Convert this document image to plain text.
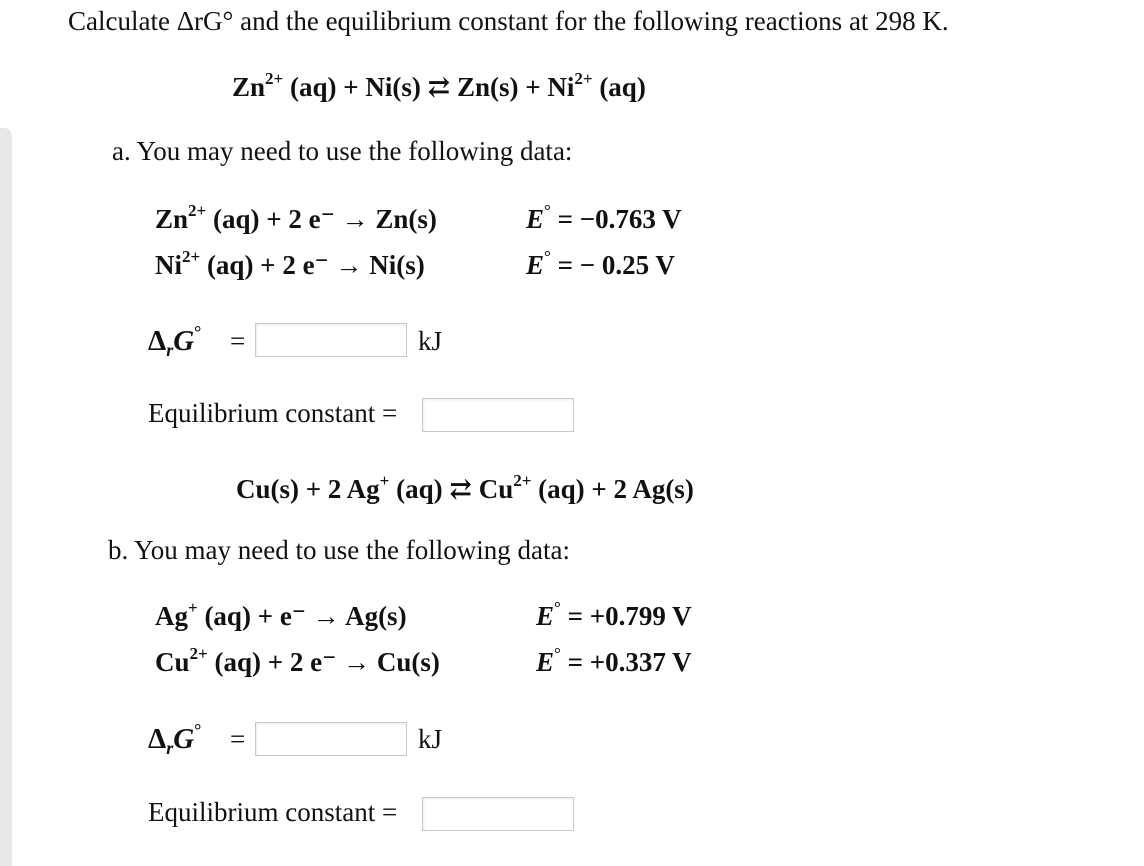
Calculate ΔrG° and the equilibrium constant for the following reactions at 298 K.
$Zn^{2+}$ (aq) + Ni(s) ⇄ $Zn(s) + Ni^{2+}$ (aq)
a. You may need to use the following data:
$Zn^{2+}$ (aq) + 2 e⁻ → Zn(s)	E° = −0.763 V
$Ni^{2+}$ (aq) + 2 e⁻ → Ni(s)	E° = − 0.25 V
$\Delta_rG^\circ$ =	kJ
Equilibrium constant =
Cu(s) + 2 Ag+ (aq) ⇄ $Cu^{2+}$ (aq) + 2 Ag(s)
b. You may need to use the following data:
Ag+ (aq) + e⁻ → Ag(s)	E° = +0.799 V
$Cu^{2+}$ (aq) + 2 e⁻ → Cu(s)	E° = +0.337 V
$\Delta_rG^\circ$ =	kJ
Equilibrium constant =
